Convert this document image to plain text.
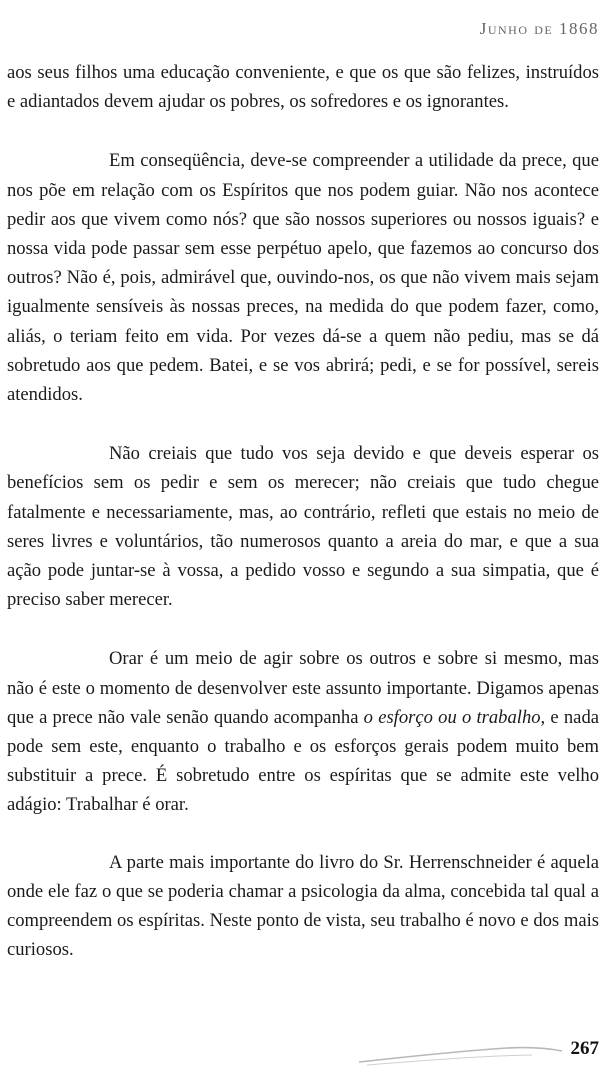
Junho de 1868

aos seus filhos uma educação conveniente, e que os que são felizes, instruídos e adiantados devem ajudar os pobres, os sofredores e os ignorantes.

Em conseqüência, deve-se compreender a utilidade da prece, que nos põe em relação com os Espíritos que nos podem guiar. Não nos acontece pedir aos que vivem como nós? que são nossos superiores ou nossos iguais? e nossa vida pode passar sem esse perpétuo apelo, que fazemos ao concurso dos outros? Não é, pois, admirável que, ouvindo-nos, os que não vivem mais sejam igualmente sensíveis às nossas preces, na medida do que podem fazer, como, aliás, o teriam feito em vida. Por vezes dá-se a quem não pediu, mas se dá sobretudo aos que pedem. Batei, e se vos abrirá; pedi, e se for possível, sereis atendidos.

Não creiais que tudo vos seja devido e que deveis esperar os benefícios sem os pedir e sem os merecer; não creiais que tudo chegue fatalmente e necessariamente, mas, ao contrário, refleti que estais no meio de seres livres e voluntários, tão numerosos quanto a areia do mar, e que a sua ação pode juntar-se à vossa, a pedido vosso e segundo a sua simpatia, que é preciso saber merecer.

Orar é um meio de agir sobre os outros e sobre si mesmo, mas não é este o momento de desenvolver este assunto importante. Digamos apenas que a prece não vale senão quando acompanha o esforço ou o trabalho, e nada pode sem este, enquanto o trabalho e os esforços gerais podem muito bem substituir a prece. É sobretudo entre os espíritas que se admite este velho adágio: Trabalhar é orar.

A parte mais importante do livro do Sr. Herrenschneider é aquela onde ele faz o que se poderia chamar a psicologia da alma, concebida tal qual a compreendem os espíritas. Neste ponto de vista, seu trabalho é novo e dos mais curiosos.

267
